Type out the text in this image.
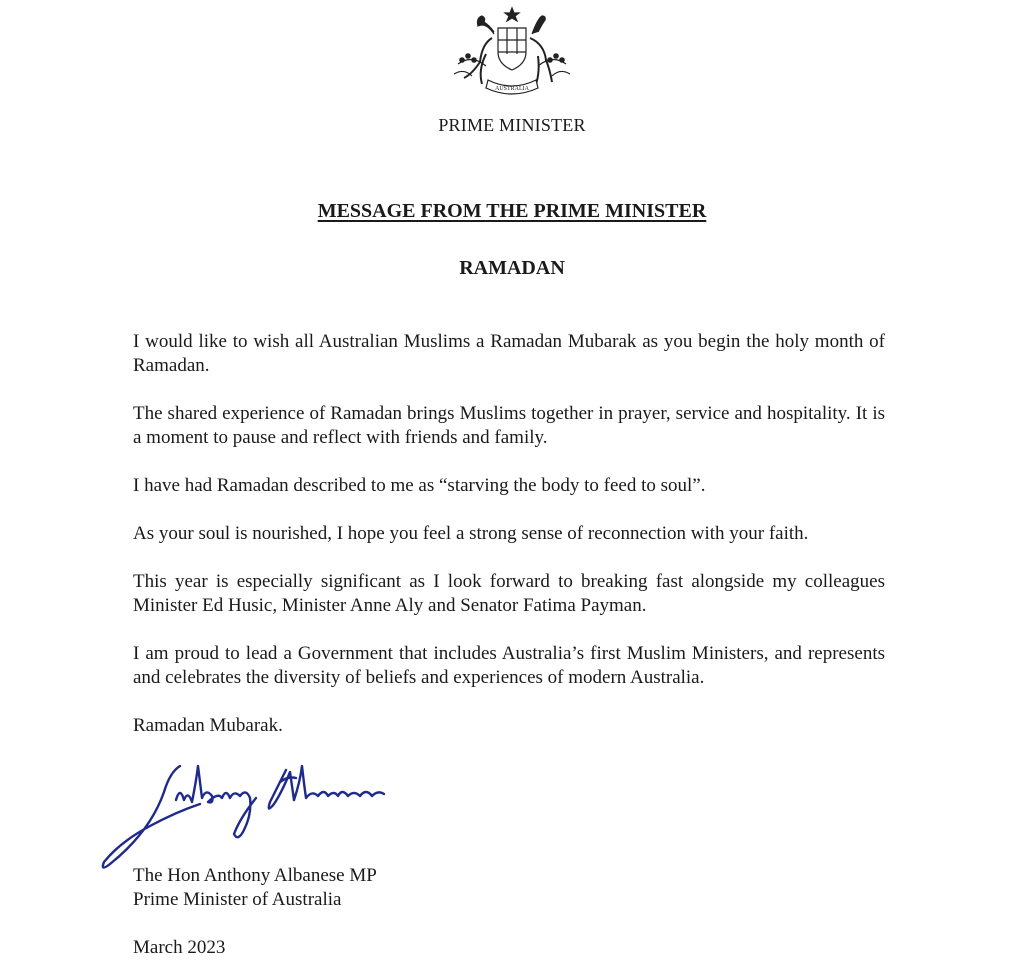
AUSTRALIA
PRIME MINISTER
MESSAGE FROM THE PRIME MINISTER
RAMADAN

I would like to wish all Australian Muslims a Ramadan Mubarak as you begin the holy month of Ramadan.

The shared experience of Ramadan brings Muslims together in prayer, service and hospitality. It is a moment to pause and reflect with friends and family.

I have had Ramadan described to me as “starving the body to feed to soul”.

As your soul is nourished, I hope you feel a strong sense of reconnection with your faith.

This year is especially significant as I look forward to breaking fast alongside my colleagues Minister Ed Husic, Minister Anne Aly and Senator Fatima Payman.

I am proud to lead a Government that includes Australia’s first Muslim Ministers, and represents and celebrates the diversity of beliefs and experiences of modern Australia.

Ramadan Mubarak.

The Hon Anthony Albanese MP
Prime Minister of Australia
March 2023
